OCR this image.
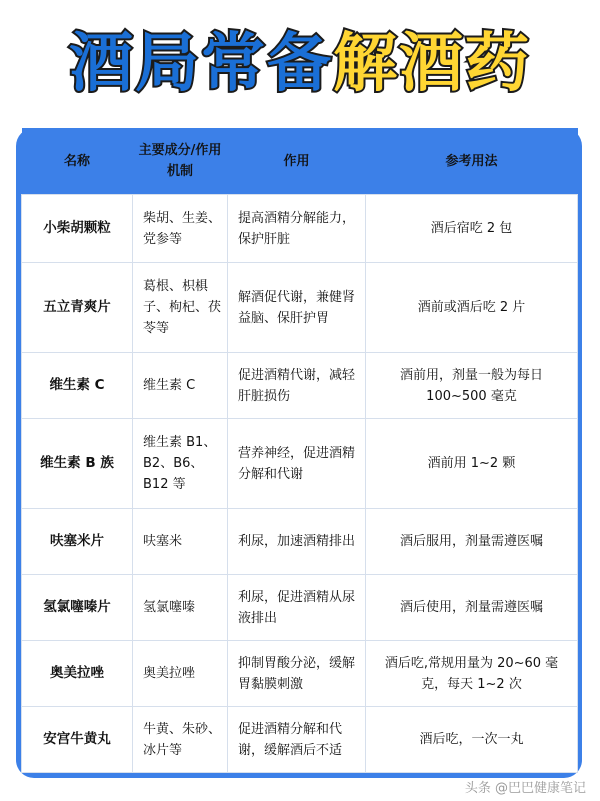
酒局常备解酒药
名称	主要成分/作用机制	作用	参考用法
小柴胡颗粒	柴胡、生姜、党参等	提高酒精分解能力，保护肝脏	酒后宿吃 2 包
五立青爽片	葛根、枳椇子、枸杞、茯苓等	解酒促代谢，兼健肾益脑、保肝护胃	酒前或酒后吃 2 片
维生素 C	维生素 C	促进酒精代谢，减轻肝脏损伤	酒前用，剂量一般为每日 100~500 毫克
维生素 B 族	维生素 B1、B2、B6、B12 等	营养神经，促进酒精分解和代谢	酒前用 1~2 颗
呋塞米片	呋塞米	利尿，加速酒精排出	酒后服用，剂量需遵医嘱
氢氯噻嗪片	氢氯噻嗪	利尿，促进酒精从尿液排出	酒后使用，剂量需遵医嘱
奥美拉唑	奥美拉唑	抑制胃酸分泌，缓解胃黏膜刺激	酒后吃,常规用量为 20~60 毫克，每天 1~2 次
安宫牛黄丸	牛黄、朱砂、冰片等	促进酒精分解和代谢，缓解酒后不适	酒后吃，一次一丸
头条 @巴巴健康笔记
